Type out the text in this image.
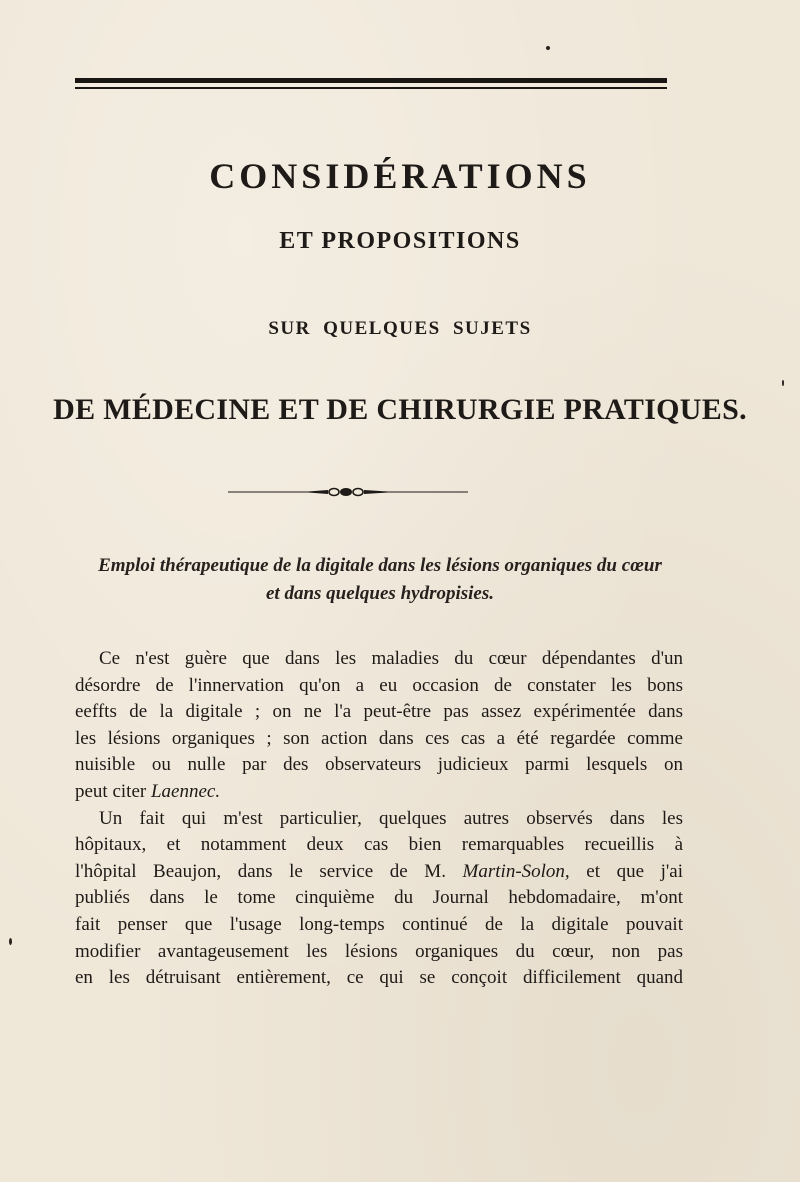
CONSIDÉRATIONS
ET PROPOSITIONS
SUR QUELQUES SUJETS
DE MÉDECINE ET DE CHIRURGIE PRATIQUES.
Emploi thérapeutique de la digitale dans les lésions organiques du cœur
et dans quelques hydropisies.
Ce n'est guère que dans les maladies du cœur dépendantes d'un
désordre de l'innervation qu'on a eu occasion de constater les bons
eeffts de la digitale ; on ne l'a peut-être pas assez expérimentée dans
les lésions organiques ; son action dans ces cas a été regardée comme
nuisible ou nulle par des observateurs judicieux parmi lesquels on
peut citer Laennec.
Un fait qui m'est particulier, quelques autres observés dans les
hôpitaux, et notamment deux cas bien remarquables recueillis à
l'hôpital Beaujon, dans le service de M. Martin-Solon, et que j'ai
publiés dans le tome cinquième du Journal hebdomadaire, m'ont
fait penser que l'usage long-temps continué de la digitale pouvait
modifier avantageusement les lésions organiques du cœur, non pas
en les détruisant entièrement, ce qui se conçoit difficilement quand
